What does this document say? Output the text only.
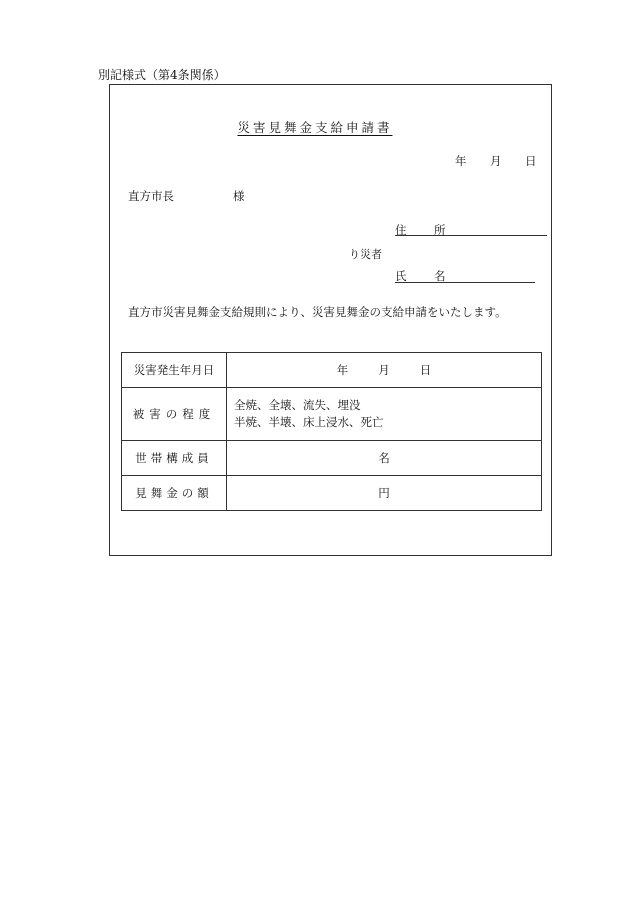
別記様式（第4条関係）
災害見舞金支給申請書
年 月 日
直方市長	様
住　所
り災者
氏　名
直方市災害見舞金支給規則により、災害見舞金の支給申請をいたします。
災害発生年月日	年 月 日
被害の程度	全焼、全壊、流失、埋没
半焼、半壊、床上浸水、死亡

世帯構成員	名
見舞金の額	円
